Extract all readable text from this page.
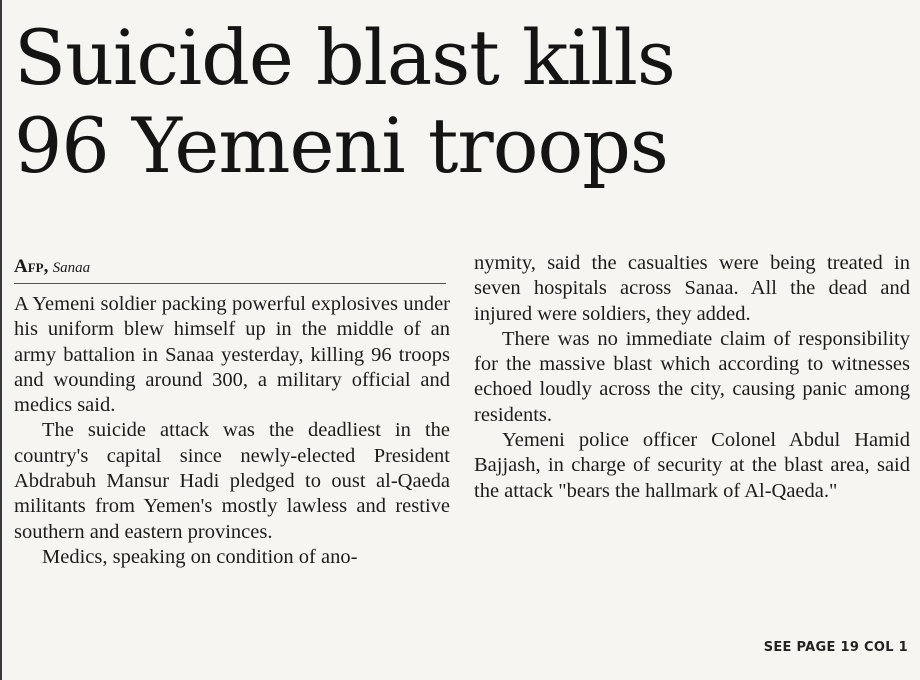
Suicide blast kills
96 Yemeni troops
Afp, Sanaa

A Yemeni soldier packing powerful explosives under his uniform blew himself up in the middle of an army battalion in Sanaa yesterday, killing 96 troops and wounding around 300, a military official and medics said.

The suicide attack was the deadliest in the country's capital since newly-elected President Abdrabuh Mansur Hadi pledged to oust al-Qaeda militants from Yemen's mostly lawless and restive southern and eastern provinces.

Medics, speaking on condition of ano-

nymity, said the casualties were being treated in seven hospitals across Sanaa. All the dead and injured were soldiers, they added.

There was no immediate claim of responsibility for the massive blast which according to witnesses echoed loudly across the city, causing panic among residents.

Yemeni police officer Colonel Abdul Hamid Bajjash, in charge of security at the blast area, said the attack "bears the hallmark of Al-Qaeda."

SEE PAGE 19 COL 1
